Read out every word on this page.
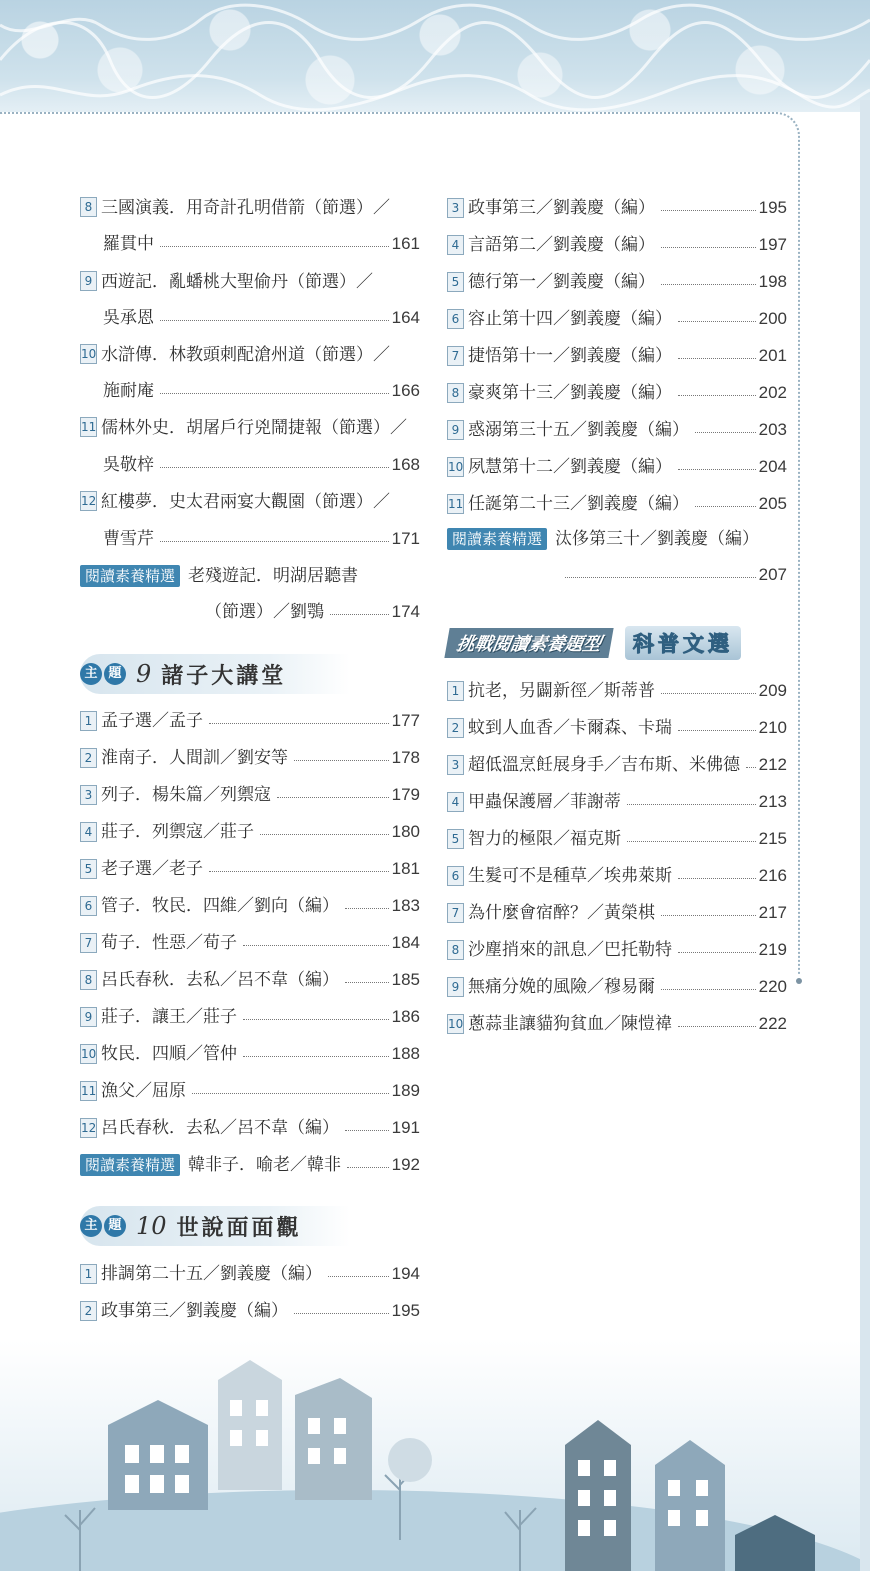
8 三國演義．用奇計孔明借箭（節選）／
羅貫中	161
9 西遊記．亂蟠桃大聖偷丹（節選）／
吳承恩	164
10 水滸傳．林教頭刺配滄州道（節選）／
施耐庵	166
11 儒林外史．胡屠戶行兇鬧捷報（節選）／
吳敬梓	168
12 紅樓夢．史太君兩宴大觀園（節選）／
曹雪芹	171
閱讀素養精選 老殘遊記．明湖居聽書
（節選）／劉鶚	174
主 題 9 諸子大講堂
1 孟子選／孟子	177
2 淮南子．人間訓／劉安等	178
3 列子．楊朱篇／列禦寇	179
4 莊子．列禦寇／莊子	180
5 老子選／老子	181
6 管子．牧民．四維／劉向（編）	183
7 荀子．性惡／荀子	184
8 呂氏春秋．去私／呂不韋（編）	185
9 莊子．讓王／莊子	186
10 牧民．四順／管仲	188
11 漁父／屈原	189
12 呂氏春秋．去私／呂不韋（編）	191
閱讀素養精選 韓非子．喻老／韓非	192
主 題 10 世說面面觀
1 排調第二十五／劉義慶（編）	194
2 政事第三／劉義慶（編）	195
3 政事第三／劉義慶（編）	195
4 言語第二／劉義慶（編）	197
5 德行第一／劉義慶（編）	198
6 容止第十四／劉義慶（編）	200
7 捷悟第十一／劉義慶（編）	201
8 豪爽第十三／劉義慶（編）	202
9 惑溺第三十五／劉義慶（編）	203
10 夙慧第十二／劉義慶（編）	204
11 任誕第二十三／劉義慶（編）	205
閱讀素養精選 汰侈第三十／劉義慶（編）
207
挑戰閱讀素養題型	科普文選
1 抗老，另闢新徑／斯蒂普	209
2 蚊到人血香／卡爾森、卡瑞	210
3 超低溫烹飪展身手／吉布斯、米佛德 212
4 甲蟲保護層／菲謝蒂	213
5 智力的極限／福克斯	215
6 生髮可不是種草／埃弗萊斯	216
7 為什麼會宿醉？／黃榮棋	217
8 沙塵捎來的訊息／巴托勒特	219
9 無痛分娩的風險／穆易爾	220
10 蔥蒜韭讓貓狗貧血／陳愷禕	222
